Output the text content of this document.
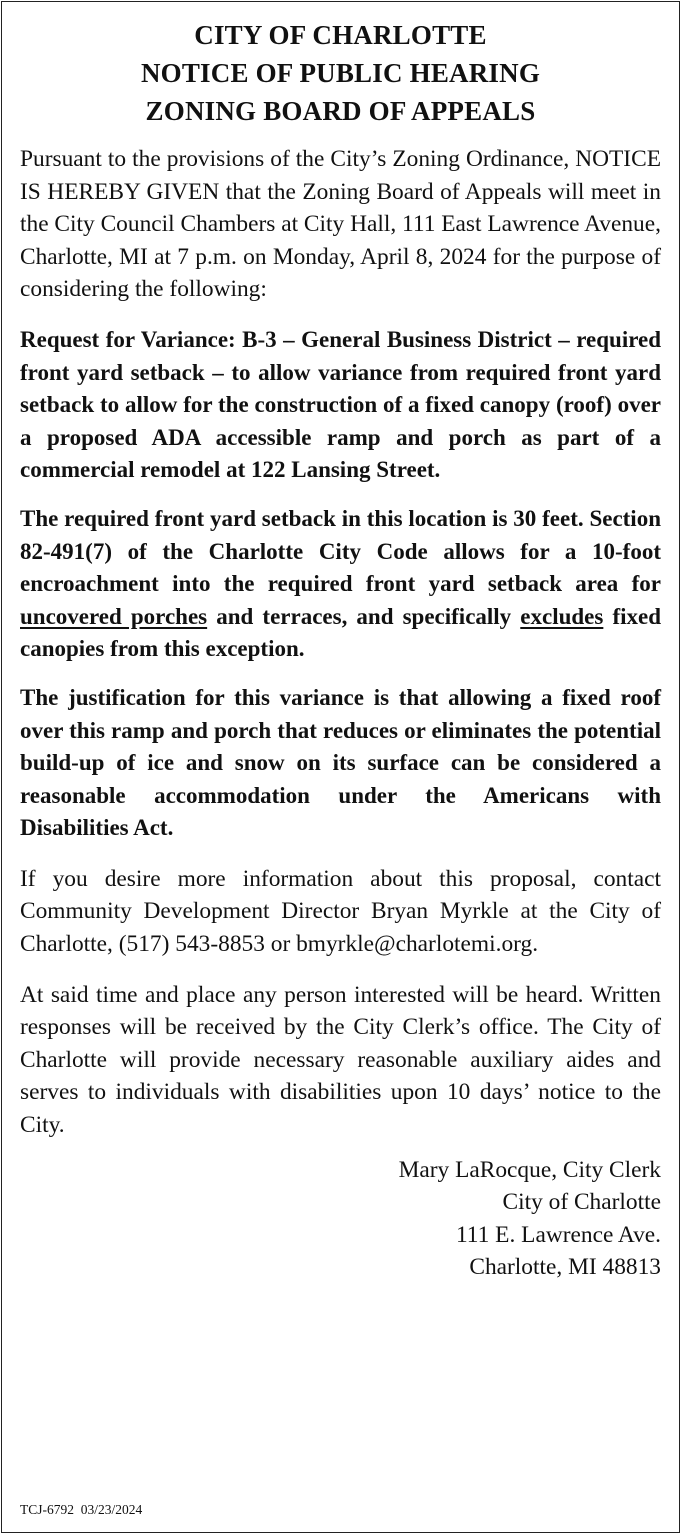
CITY OF CHARLOTTE
NOTICE OF PUBLIC HEARING
ZONING BOARD OF APPEALS

Pursuant to the provisions of the City’s Zoning Ordinance, NOTICE IS HEREBY GIVEN that the Zoning Board of Appeals will meet in the City Council Chambers at City Hall, 111 East Lawrence Avenue, Charlotte, MI at 7 p.m. on Monday, April 8, 2024 for the purpose of considering the following:

Request for Variance: B-3 – General Business District – required front yard setback – to allow variance from required front yard setback to allow for the construction of a fixed canopy (roof) over a proposed ADA accessible ramp and porch as part of a commercial remodel at 122 Lansing Street.

The required front yard setback in this location is 30 feet. Section 82-491(7) of the Charlotte City Code allows for a 10-foot encroachment into the required front yard setback area for uncovered porches and terraces, and specifically excludes fixed canopies from this exception.

The justification for this variance is that allowing a fixed roof over this ramp and porch that reduces or eliminates the potential build-up of ice and snow on its surface can be considered a reasonable accommodation under the Americans with Disabilities Act.

If you desire more information about this proposal, contact Community Development Director Bryan Myrkle at the City of Charlotte, (517) 543-8853 or bmyrkle@charlotemi.org.

At said time and place any person interested will be heard. Written responses will be received by the City Clerk’s office. The City of Charlotte will provide necessary reasonable auxiliary aides and serves to individuals with disabilities upon 10 days’ notice to the City.

Mary LaRocque, City Clerk
City of Charlotte
111 E. Lawrence Ave.
Charlotte, MI 48813
TCJ-6792  03/23/2024
